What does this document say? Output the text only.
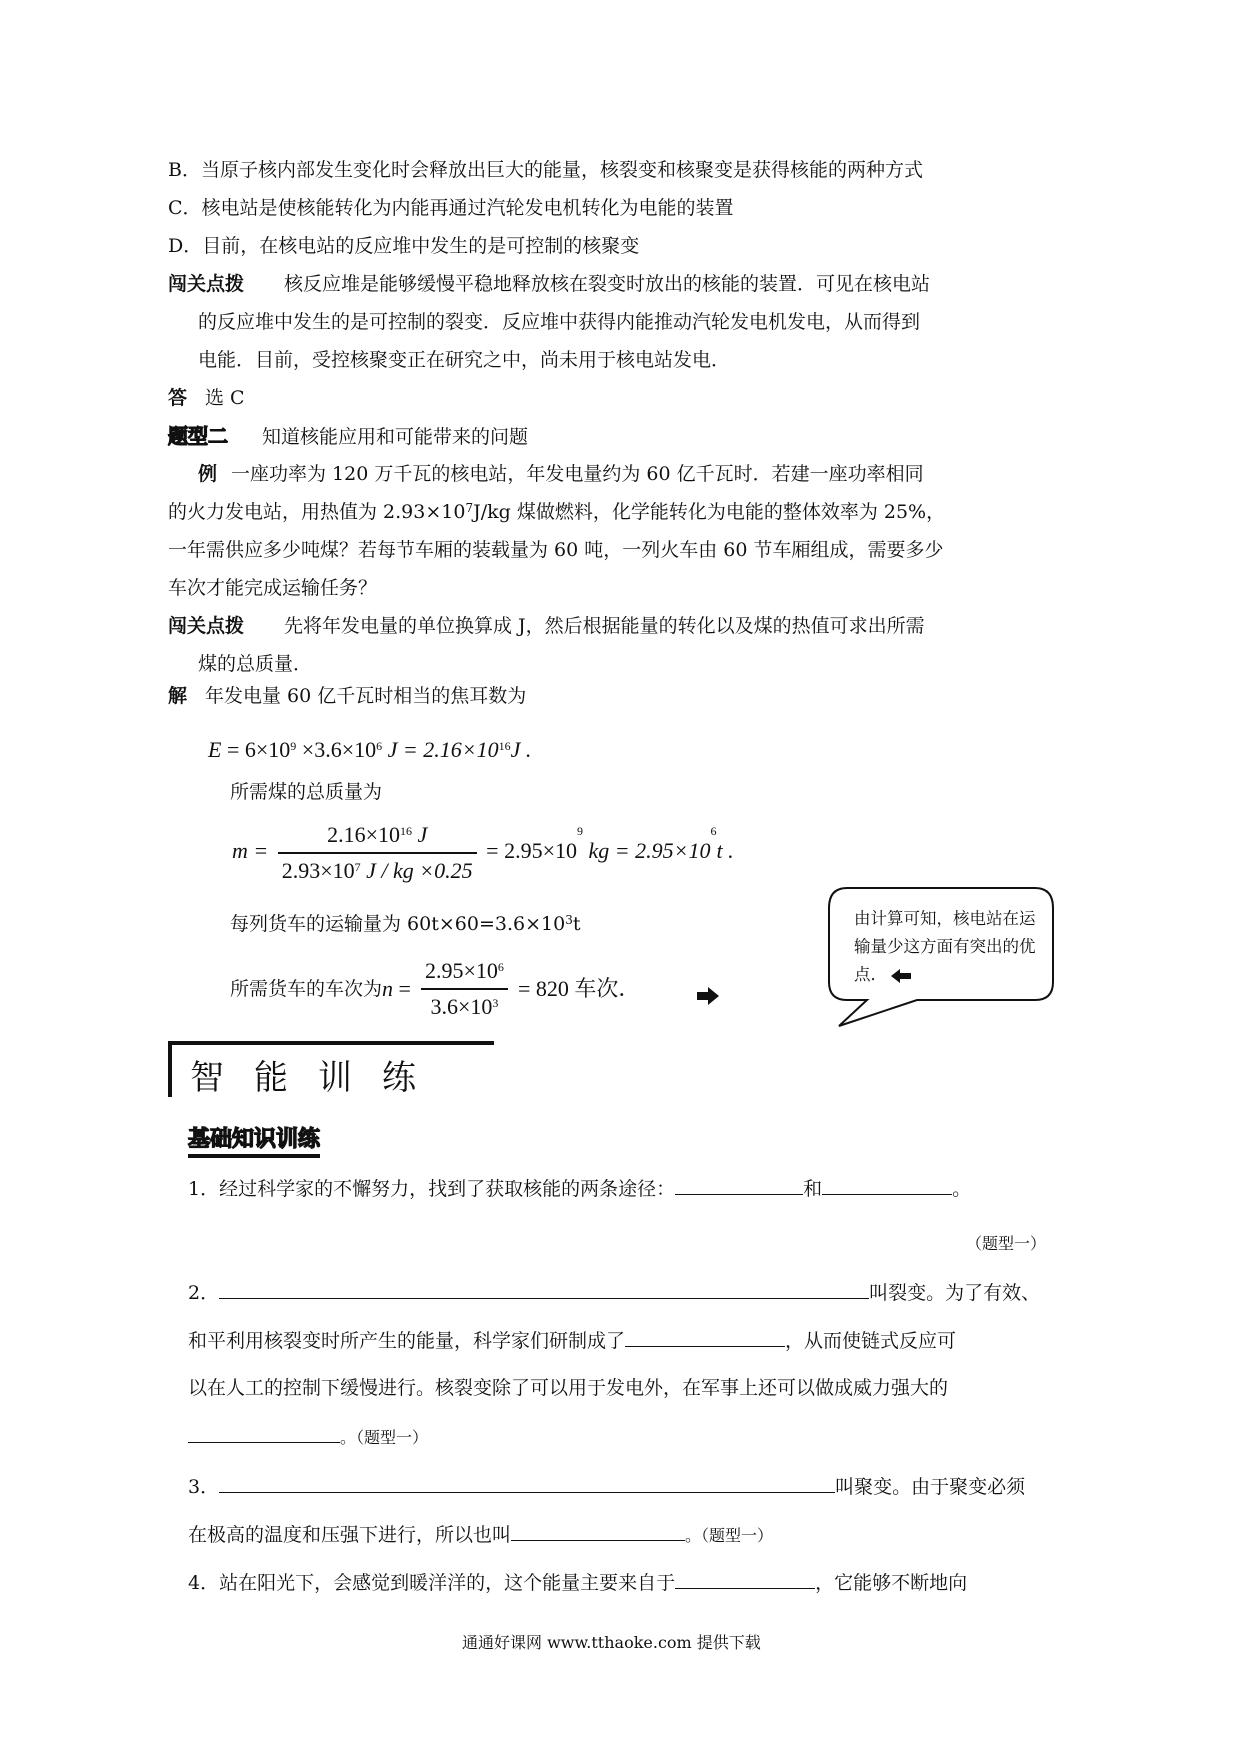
B．当原子核内部发生变化时会释放出巨大的能量，核裂变和核聚变是获得核能的两种方式
C．核电站是使核能转化为内能再通过汽轮发电机转化为电能的装置
D．目前，在核电站的反应堆中发生的是可控制的核聚变
闯关点拨 核反应堆是能够缓慢平稳地释放核在裂变时放出的核能的装置．可见在核电站
的反应堆中发生的是可控制的裂变．反应堆中获得内能推动汽轮发电机发电，从而得到
电能．目前，受控核聚变正在研究之中，尚未用于核电站发电．
答 选 C
题型二 知道核能应用和可能带来的问题
例 一座功率为 120 万千瓦的核电站，年发电量约为 60 亿千瓦时．若建一座功率相同
的火力发电站，用热值为 $2.93\times 10^7J/kg$ 煤做燃料，化学能转化为电能的整体效率为 25%，
一年需供应多少吨煤？若每节车厢的装载量为 60 吨，一列火车由 60 节车厢组成，需要多少
车次才能完成运输任务？
闯关点拨 先将年发电量的单位换算成 J，然后根据能量的转化以及煤的热值可求出所需
煤的总质量．
解 年发电量 60 亿千瓦时相当的焦耳数为
$E = 6\times 10^9 \times 3.6\times 10^6$ $J = 2.16\times 10^{16}J$ .
所需煤的总质量为
$m = \frac{2.16\times 10^{16} J}{2.93\times 10^7 J / kg \times 0.25} = 2.95\times 10^9$ kg = $2.95\times 10^6t$ .
每列货车的运输量为 $60t\times 60=3.6\times 10^3t$
所需货车的车次为$n = \frac{2.95\times 10^6}{3.6\times 10^3} = 820$ 车次．
由计算可知，核电站在运输量少这方面有突出的优点．
智能训练
基础知识训练
1．经过科学家的不懈努力，找到了获取核能的两条途径：	和	。
（题型一）
2．	叫裂变。为了有效、
和平利用核裂变时所产生的能量，科学家们研制成了	，从而使链式反应可
以在人工的控制下缓慢进行。核裂变除了可以用于发电外，在军事上还可以做成威力强大的
。（题型一）
3．	叫聚变。由于聚变必须
在极高的温度和压强下进行，所以也叫	。（题型一）
4．站在阳光下，会感觉到暖洋洋的，这个能量主要来自于	，它能够不断地向
通通好课网 www.tthaoke.com 提供下载
